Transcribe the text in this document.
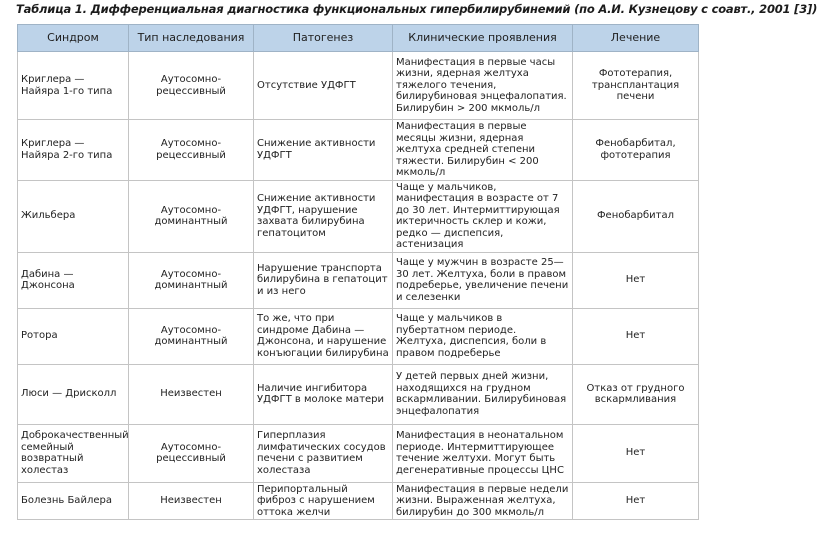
Таблица 1. Дифференциальная диагностика функциональных гипербилирубинемий (по А.И. Кузнецову с соавт., 2001 [3])
Синдром	Тип наследования	Патогенез	Клинические проявления	Лечение
Криглера — Найяра 1-го типа	Аутосомно-рецессивный	Отсутствие УДФГТ	Манифестация в первые часы жизни, ядерная желтуха тяжелого течения, билирубиновая энцефалопатия. Билирубин > 200 мкмоль/л	Фототерапия, трансплантация печени
Криглера — Найяра 2-го типа	Аутосомно-рецессивный	Снижение активности УДФГТ	Манифестация в первые месяцы жизни, ядерная желтуха средней степени тяжести. Билирубин < 200 мкмоль/л	Фенобарбитал, фототерапия
Жильбера	Аутосомно-доминантный	Снижение активности УДФГТ, нарушение захвата билирубина гепатоцитом	Чаще у мальчиков, манифестация в возрасте от 7 до 30 лет. Интермиттирующая иктеричность склер и кожи, редко — диспепсия, астенизация	Фенобарбитал
Дабина — Джонсона	Аутосомно-доминантный	Нарушение транспорта билирубина в гепатоцит и из него	Чаще у мужчин в возрасте 25—30 лет. Желтуха, боли в правом подреберье, увеличение печени и селезенки	Нет
Ротора	Аутосомно-доминантный	То же, что при синдроме Дабина — Джонсона, и нарушение конъюгации билирубина	Чаще у мальчиков в пубертатном периоде. Желтуха, диспепсия, боли в правом подреберье	Нет
Люси — Дрисколл	Неизвестен	Наличие ингибитора УДФГТ в молоке матери	У детей первых дней жизни, находящихся на грудном вскармливании. Билирубиновая энцефалопатия	Отказ от грудного вскармливания
Доброкачественный семейный возвратный холестаз	Аутосомно-рецессивный	Гиперплазия лимфатических сосудов печени с развитием холестаза	Манифестация в неонатальном периоде. Интермиттирующее течение желтухи. Могут быть дегенеративные процессы ЦНС	Нет
Болезнь Байлера	Неизвестен	Перипортальный фиброз с нарушением оттока желчи	Манифестация в первые недели жизни. Выраженная желтуха, билирубин до 300 мкмоль/л	Нет
